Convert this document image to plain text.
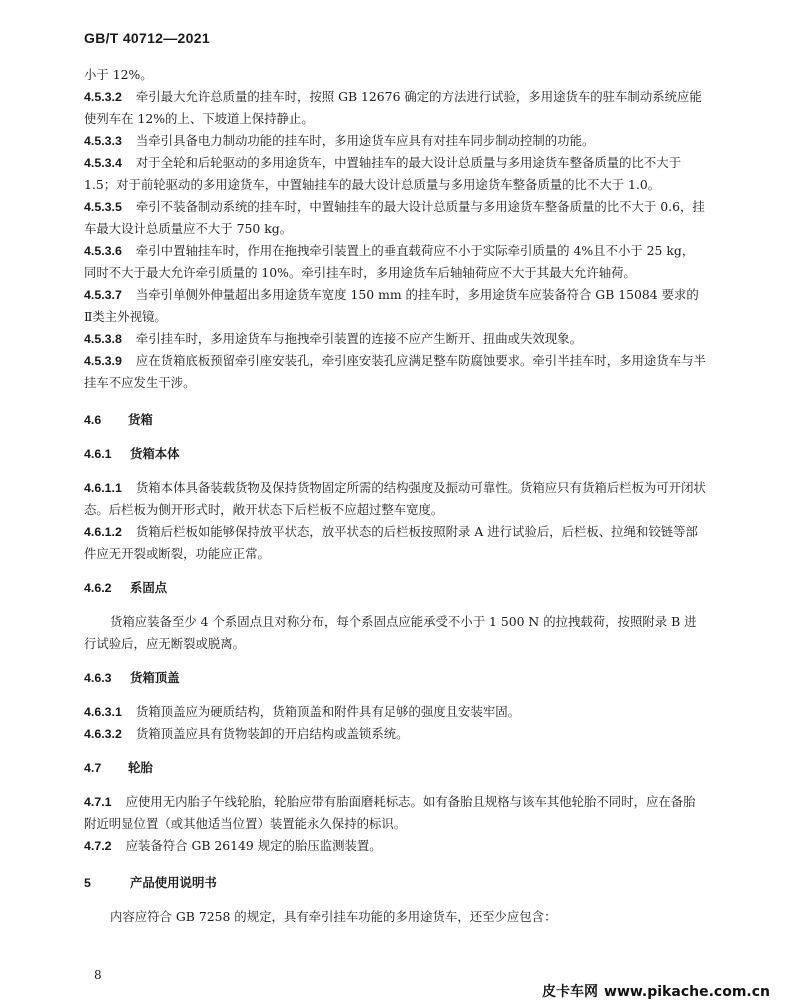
GB/T 40712—2021

小于 12%。

4.5.3.2 牵引最大允许总质量的挂车时，按照 GB 12676 确定的方法进行试验，多用途货车的驻车制动系统应能使列车在 12%的上、下坡道上保持静止。

4.5.3.3 当牵引具备电力制动功能的挂车时，多用途货车应具有对挂车同步制动控制的功能。

4.5.3.4 对于全轮和后轮驱动的多用途货车，中置轴挂车的最大设计总质量与多用途货车整备质量的比不大于 1.5；对于前轮驱动的多用途货车，中置轴挂车的最大设计总质量与多用途货车整备质量的比不大于 1.0。

4.5.3.5 牵引不装备制动系统的挂车时，中置轴挂车的最大设计总质量与多用途货车整备质量的比不大于 0.6，挂车最大设计总质量应不大于 750 kg。

4.5.3.6 牵引中置轴挂车时，作用在拖拽牵引装置上的垂直载荷应不小于实际牵引质量的 4%且不小于 25 kg，同时不大于最大允许牵引质量的 10%。牵引挂车时，多用途货车后轴轴荷应不大于其最大允许轴荷。

4.5.3.7 当牵引单侧外伸量超出多用途货车宽度 150 mm 的挂车时，多用途货车应装备符合 GB 15084 要求的Ⅱ类主外视镜。

4.5.3.8 牵引挂车时，多用途货车与拖拽牵引装置的连接不应产生断开、扭曲或失效现象。

4.5.3.9 应在货箱底板预留牵引座安装孔，牵引座安装孔应满足整车防腐蚀要求。牵引半挂车时，多用途货车与半挂车不应发生干涉。

4.6 货箱

4.6.1 货箱本体

4.6.1.1 货箱本体具备装载货物及保持货物固定所需的结构强度及振动可靠性。货箱应只有货箱后栏板为可开闭状态。后栏板为侧开形式时，敞开状态下后栏板不应超过整车宽度。

4.6.1.2 货箱后栏板如能够保持放平状态，放平状态的后栏板按照附录 A 进行试验后，后栏板、拉绳和铰链等部件应无开裂或断裂，功能应正常。

4.6.2 系固点

货箱应装备至少 4 个系固点且对称分布，每个系固点应能承受不小于 1 500 N 的拉拽载荷，按照附录 B 进行试验后，应无断裂或脱离。

4.6.3 货箱顶盖

4.6.3.1 货箱顶盖应为硬质结构，货箱顶盖和附件具有足够的强度且安装牢固。

4.6.3.2 货箱顶盖应具有货物装卸的开启结构或盖锁系统。

4.7 轮胎

4.7.1 应使用无内胎子午线轮胎，轮胎应带有胎面磨耗标志。如有备胎且规格与该车其他轮胎不同时，应在备胎附近明显位置（或其他适当位置）装置能永久保持的标识。

4.7.2 应装备符合 GB 26149 规定的胎压监测装置。

5	产品使用说明书

内容应符合 GB 7258 的规定，具有牵引挂车功能的多用途货车，还至少应包含：

8
皮卡车网 www.pikache.com.cn
